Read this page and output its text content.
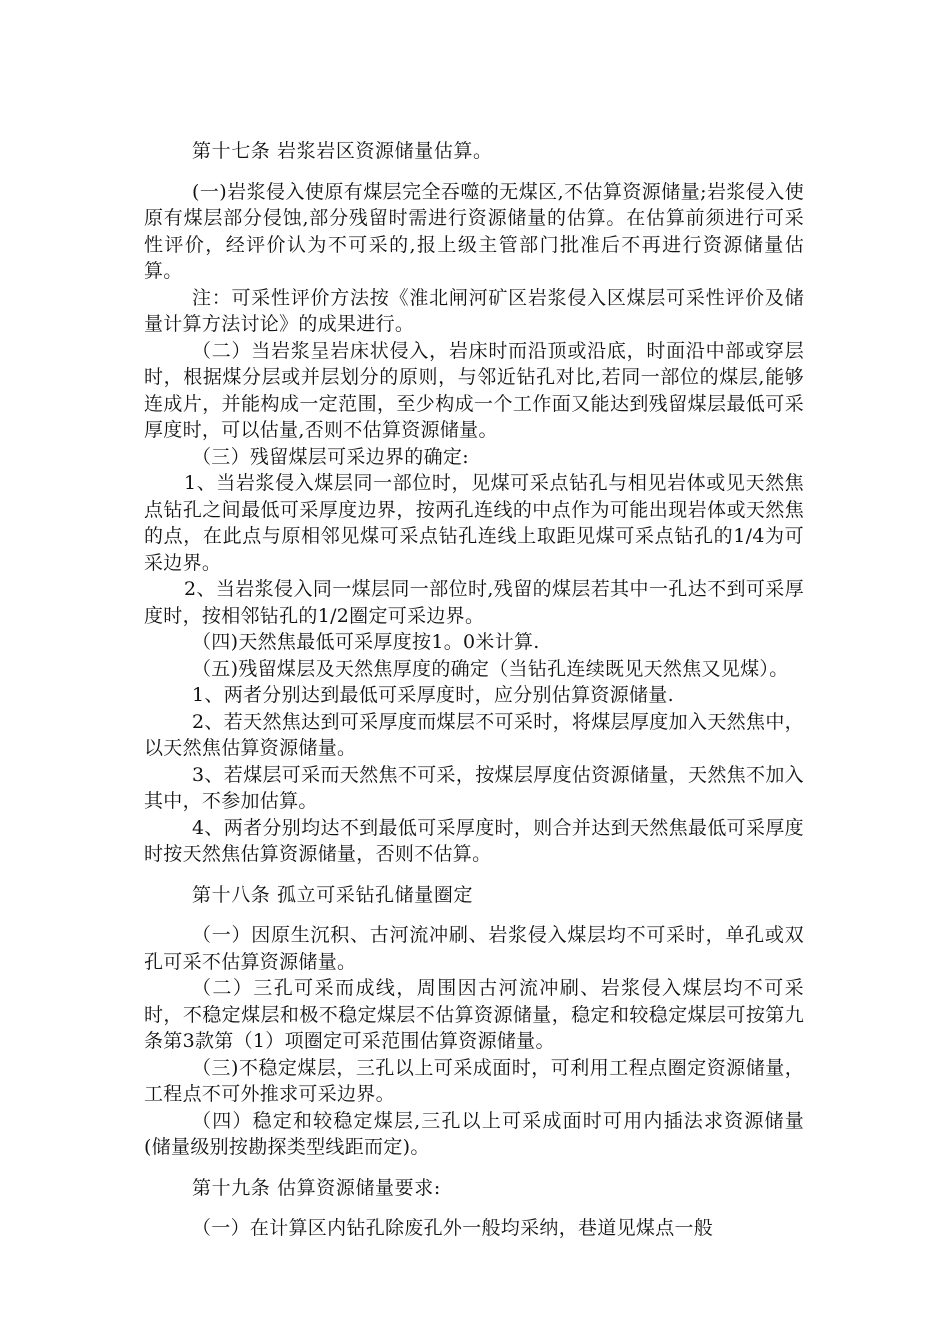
第十七条 岩浆岩区资源储量估算。

(一)岩浆侵入使原有煤层完全吞噬的无煤区,不估算资源储量;岩浆侵入使原有煤层部分侵蚀,部分残留时需进行资源储量的估算。在估算前须进行可采性评价，经评价认为不可采的,报上级主管部门批准后不再进行资源储量估算。

注：可采性评价方法按《淮北闸河矿区岩浆侵入区煤层可采性评价及储量计算方法讨论》的成果进行。

（二）当岩浆呈岩床状侵入，岩床时而沿顶或沿底，时面沿中部或穿层时，根据煤分层或并层划分的原则，与邻近钻孔对比,若同一部位的煤层,能够连成片，并能构成一定范围，至少构成一个工作面又能达到残留煤层最低可采厚度时，可以估量,否则不估算资源储量。

（三）残留煤层可采边界的确定:

1、当岩浆侵入煤层同一部位时，见煤可采点钻孔与相见岩体或见天然焦点钻孔之间最低可采厚度边界，按两孔连线的中点作为可能出现岩体或天然焦的点，在此点与原相邻见煤可采点钻孔连线上取距见煤可采点钻孔的1/4为可采边界。

2、当岩浆侵入同一煤层同一部位时,残留的煤层若其中一孔达不到可采厚度时，按相邻钻孔的1/2圈定可采边界。

（四)天然焦最低可采厚度按1。0米计算.

（五)残留煤层及天然焦厚度的确定（当钻孔连续既见天然焦又见煤）。

1、两者分别达到最低可采厚度时，应分别估算资源储量.

2、若天然焦达到可采厚度而煤层不可采时，将煤层厚度加入天然焦中，以天然焦估算资源储量。

3、若煤层可采而天然焦不可采，按煤层厚度估资源储量，天然焦不加入其中，不参加估算。

4、两者分别均达不到最低可采厚度时，则合并达到天然焦最低可采厚度时按天然焦估算资源储量，否则不估算。

第十八条 孤立可采钻孔储量圈定

（一）因原生沉积、古河流冲刷、岩浆侵入煤层均不可采时，单孔或双孔可采不估算资源储量。

（二）三孔可采而成线，周围因古河流冲刷、岩浆侵入煤层均不可采时，不稳定煤层和极不稳定煤层不估算资源储量，稳定和较稳定煤层可按第九条第3款第（1）项圈定可采范围估算资源储量。

（三)不稳定煤层，三孔以上可采成面时，可利用工程点圈定资源储量，工程点不可外推求可采边界。

（四）稳定和较稳定煤层,三孔以上可采成面时可用内插法求资源储量(储量级别按勘探类型线距而定)。

第十九条 估算资源储量要求:

（一）在计算区内钻孔除废孔外一般均采纳，巷道见煤点一般
